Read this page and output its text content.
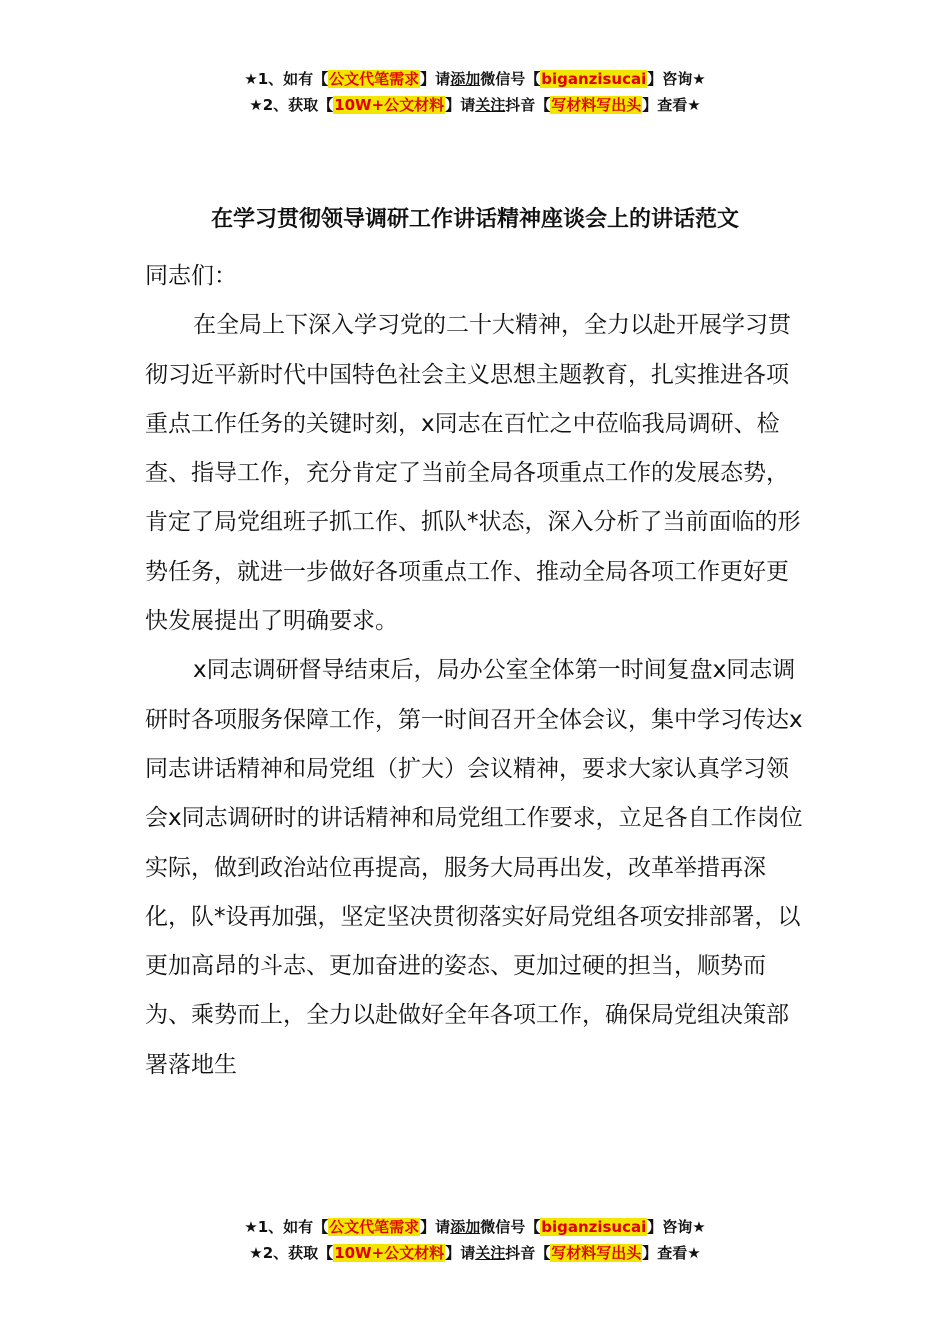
★1、如有【公文代笔需求】请添加微信号【biganzisucai】咨询★
★2、获取【10W+公文材料】请关注抖音【写材料写出头】查看★
在学习贯彻领导调研工作讲话精神座谈会上的讲话范文

同志们：

在全局上下深入学习党的二十大精神，全力以赴开展学习贯彻习近平新时代中国特色社会主义思想主题教育，扎实推进各项重点工作任务的关键时刻，x同志在百忙之中莅临我局调研、检查、指导工作，充分肯定了当前全局各项重点工作的发展态势，肯定了局党组班子抓工作、抓队*状态，深入分析了当前面临的形势任务，就进一步做好各项重点工作、推动全局各项工作更好更快发展提出了明确要求。

x同志调研督导结束后，局办公室全体第一时间复盘x同志调研时各项服务保障工作，第一时间召开全体会议，集中学习传达x同志讲话精神和局党组（扩大）会议精神，要求大家认真学习领会x同志调研时的讲话精神和局党组工作要求，立足各自工作岗位实际，做到政治站位再提高，服务大局再出发，改革举措再深化，队*设再加强，坚定坚决贯彻落实好局党组各项安排部署，以更加高昂的斗志、更加奋进的姿态、更加过硬的担当，顺势而为、乘势而上，全力以赴做好全年各项工作，确保局党组决策部署落地生

★1、如有【公文代笔需求】请添加微信号【biganzisucai】咨询★
★2、获取【10W+公文材料】请关注抖音【写材料写出头】查看★
